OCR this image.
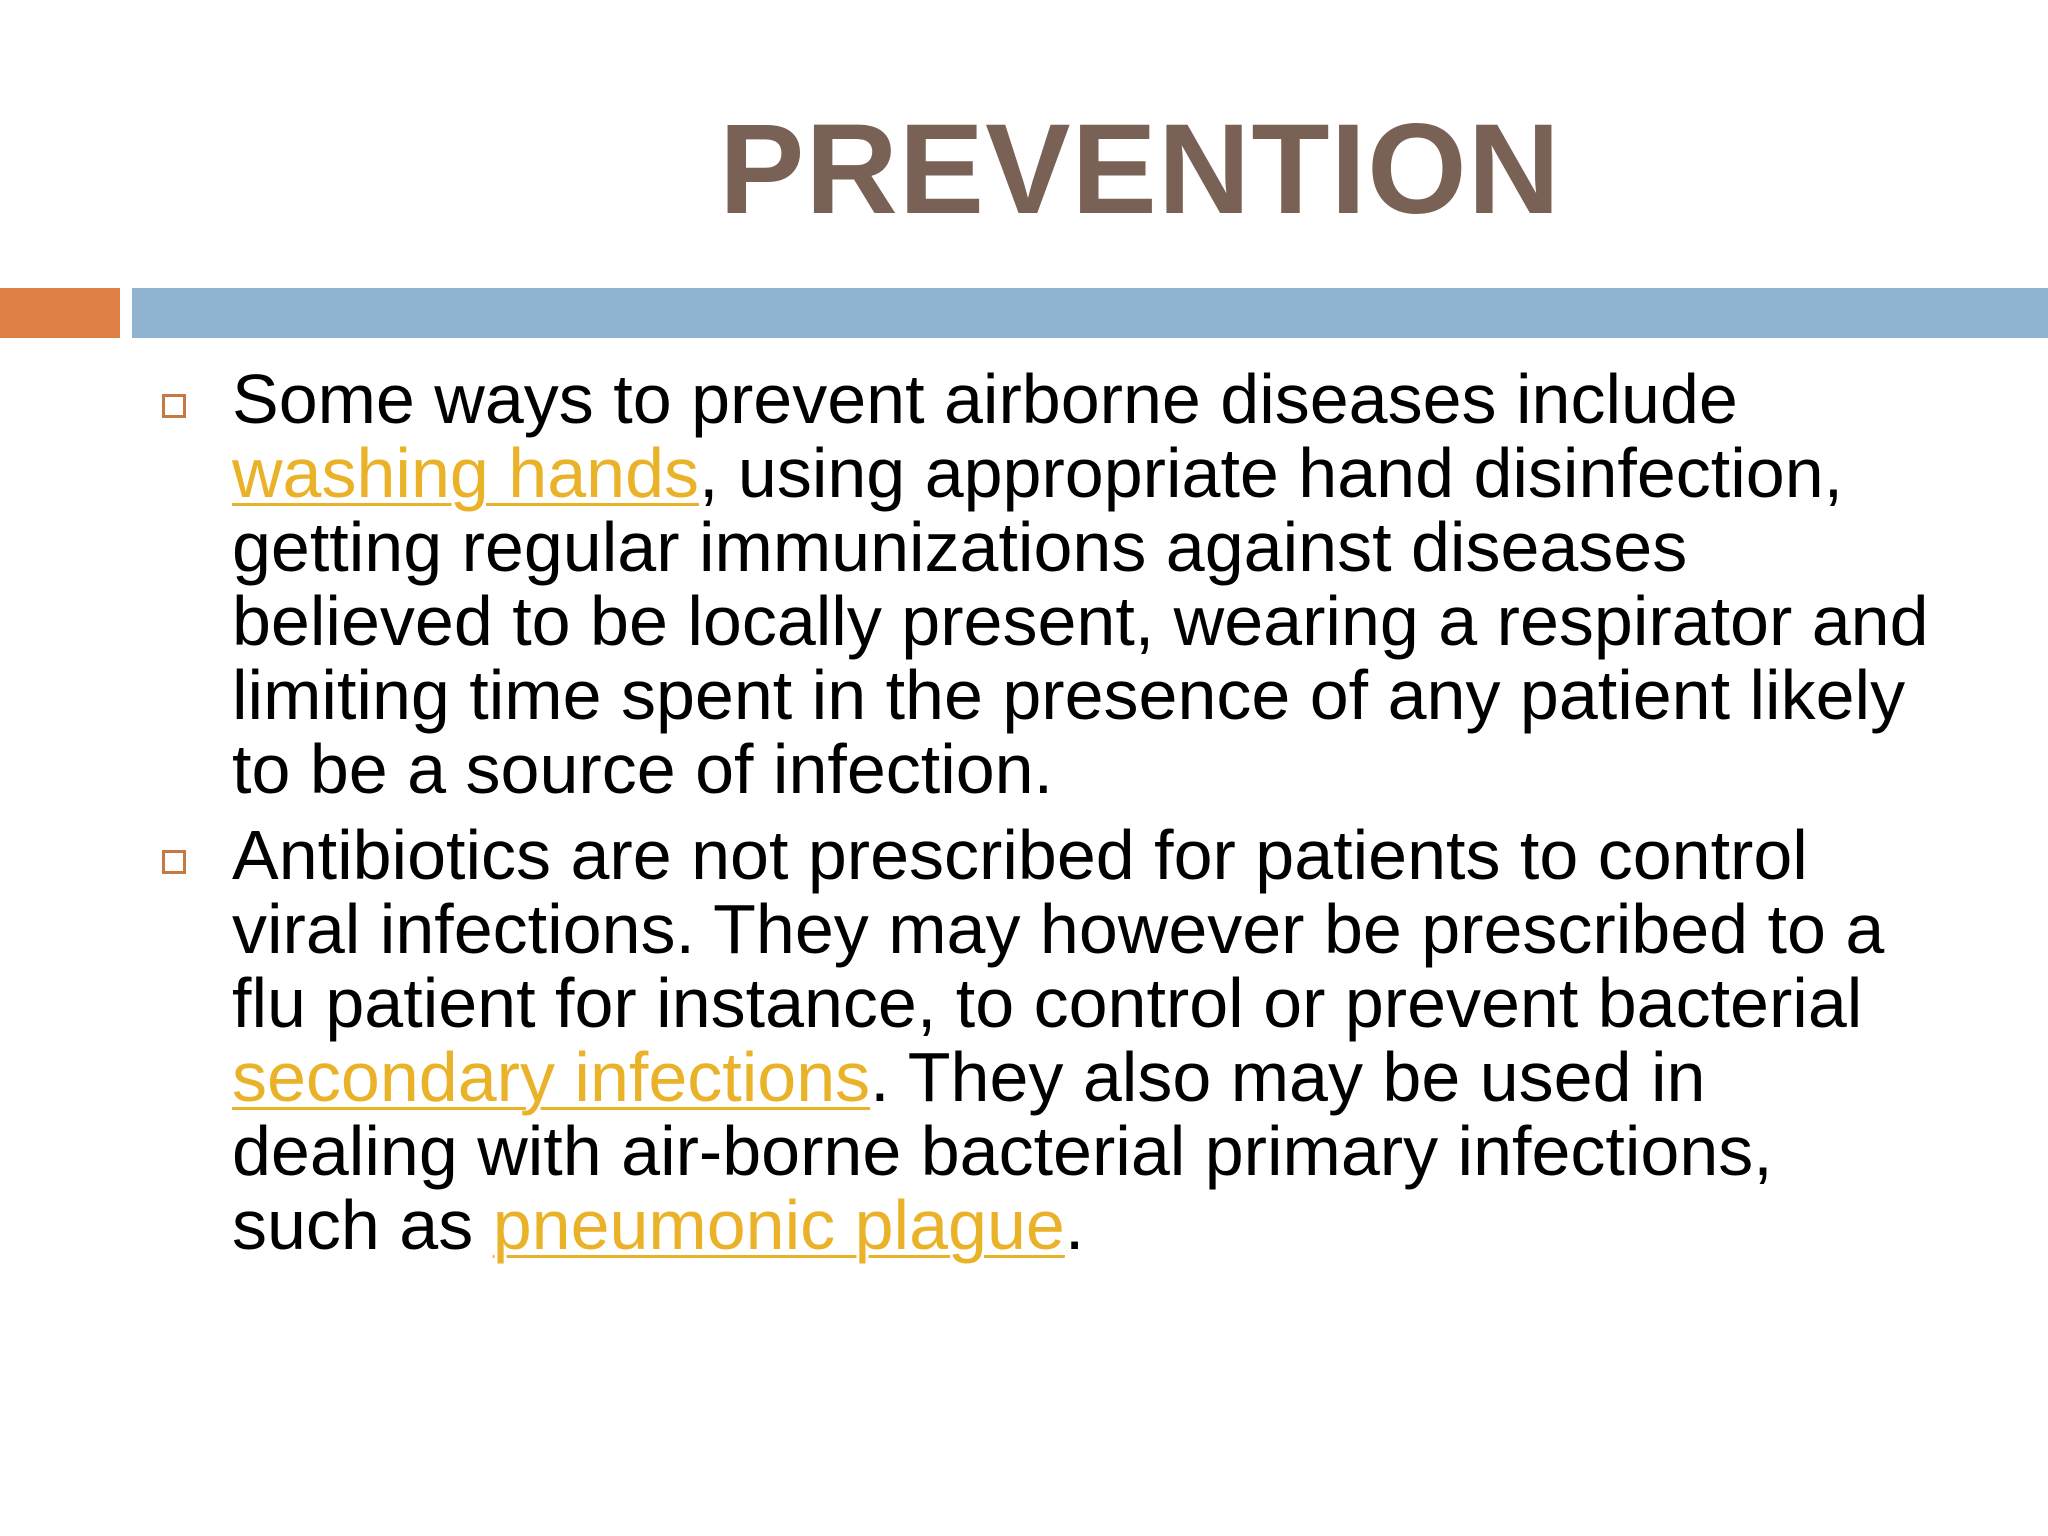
PREVENTION
Some ways to prevent airborne diseases include washing hands, using appropriate hand disinfection, getting regular immunizations against diseases believed to be locally present, wearing a respirator and limiting time spent in the presence of any patient likely to be a source of infection.
Antibiotics are not prescribed for patients to control viral infections. They may however be prescribed to a flu patient for instance, to control or prevent bacterial secondary infections. They also may be used in dealing with air-borne bacterial primary infections, such as pneumonic plague.
